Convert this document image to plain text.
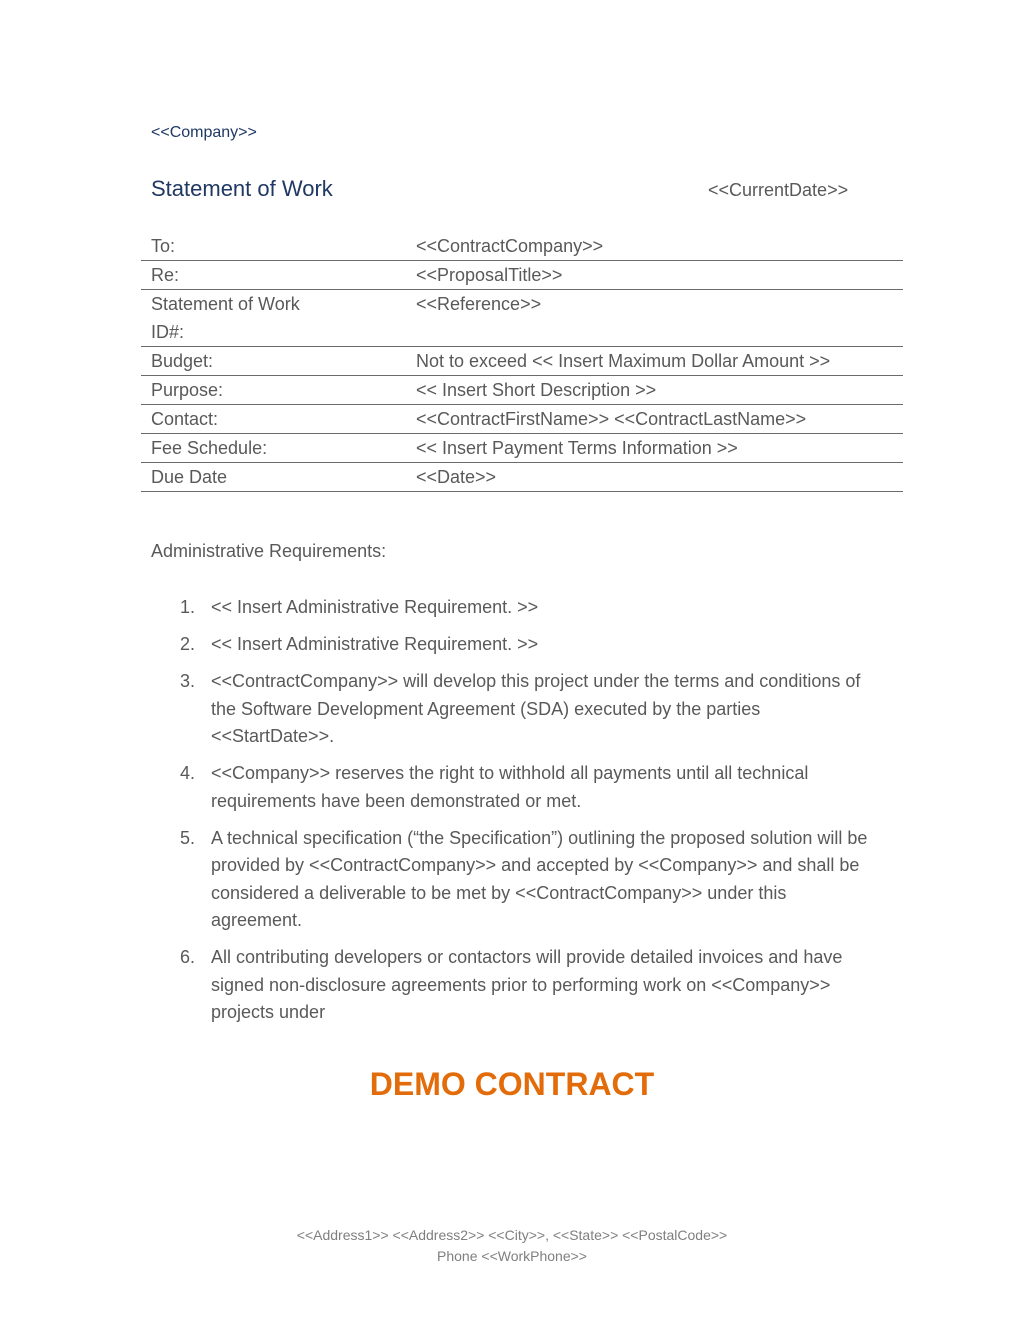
<<Company>>
Statement of Work	<<CurrentDate>>
To:	<<ContractCompany>>
Re:	<<ProposalTitle>>
Statement of Work ID#:	<<Reference>>
Budget:	Not to exceed << Insert Maximum Dollar Amount >>
Purpose:	<< Insert Short Description >>
Contact:	<<ContractFirstName>> <<ContractLastName>>
Fee Schedule:	<< Insert Payment Terms Information >>
Due Date	<<Date>>
Administrative Requirements:
1. << Insert Administrative Requirement. >>
2. << Insert Administrative Requirement. >>
3. <<ContractCompany>> will develop this project under the terms and conditions of the Software Development Agreement (SDA) executed by the parties <<StartDate>>.
4. <<Company>> reserves the right to withhold all payments until all technical requirements have been demonstrated or met.
5. A technical specification (“the Specification”) outlining the proposed solution will be provided by <<ContractCompany>> and accepted by <<Company>> and shall be considered a deliverable to be met by <<ContractCompany>> under this agreement.
6. All contributing developers or contactors will provide detailed invoices and have signed non-disclosure agreements prior to performing work on <<Company>> projects under
DEMO CONTRACT
<<Address1>> <<Address2>> <<City>>, <<State>> <<PostalCode>>
Phone <<WorkPhone>>
